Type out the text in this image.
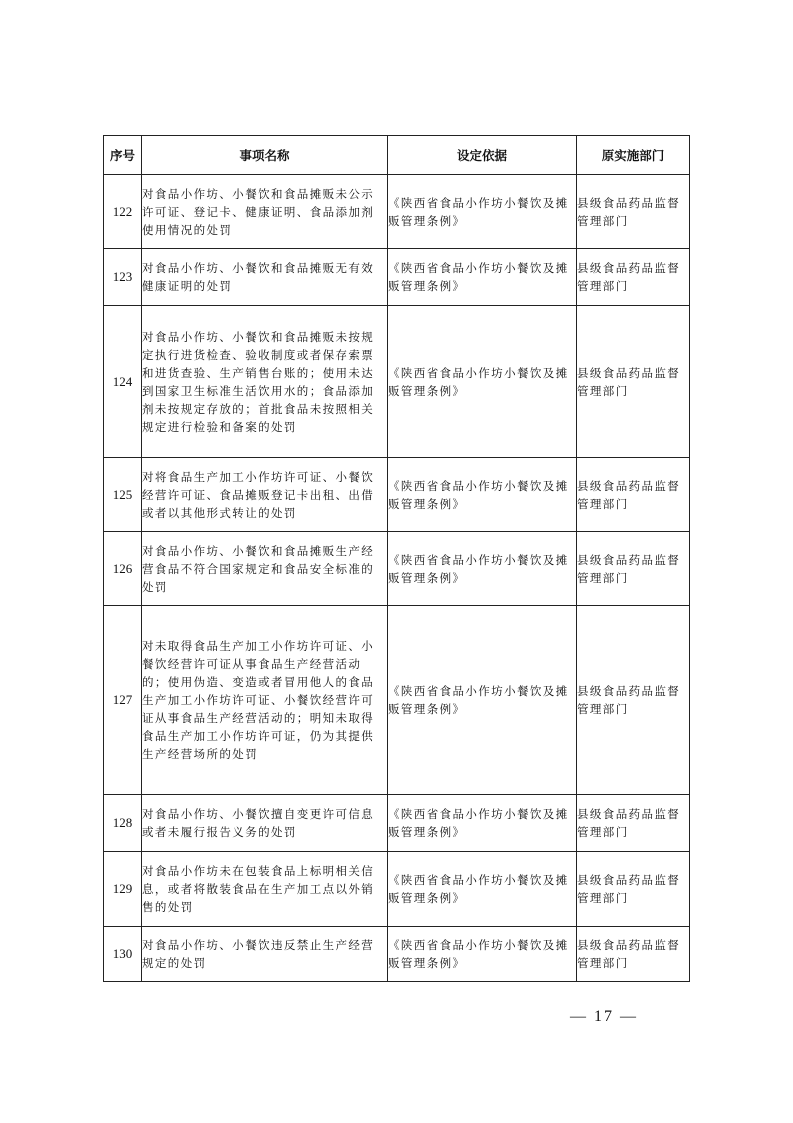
序号	事项名称	设定依据	原实施部门
122	对食品小作坊、小餐饮和食品摊贩未公示许可证、登记卡、健康证明、食品添加剂使用情况的处罚	《陕西省食品小作坊小餐饮及摊贩管理条例》	县级食品药品监督管理部门
123	对食品小作坊、小餐饮和食品摊贩无有效健康证明的处罚	《陕西省食品小作坊小餐饮及摊贩管理条例》	县级食品药品监督管理部门
124	对食品小作坊、小餐饮和食品摊贩未按规定执行进货检查、验收制度或者保存索票和进货查验、生产销售台账的；使用未达到国家卫生标准生活饮用水的；食品添加剂未按规定存放的；首批食品未按照相关规定进行检验和备案的处罚	《陕西省食品小作坊小餐饮及摊贩管理条例》	县级食品药品监督管理部门
125	对将食品生产加工小作坊许可证、小餐饮经营许可证、食品摊贩登记卡出租、出借或者以其他形式转让的处罚	《陕西省食品小作坊小餐饮及摊贩管理条例》	县级食品药品监督管理部门
126	对食品小作坊、小餐饮和食品摊贩生产经营食品不符合国家规定和食品安全标准的处罚	《陕西省食品小作坊小餐饮及摊贩管理条例》	县级食品药品监督管理部门
127	对未取得食品生产加工小作坊许可证、小餐饮经营许可证从事食品生产经营活动的；使用伪造、变造或者冒用他人的食品生产加工小作坊许可证、小餐饮经营许可证从事食品生产经营活动的；明知未取得食品生产加工小作坊许可证，仍为其提供生产经营场所的处罚	《陕西省食品小作坊小餐饮及摊贩管理条例》	县级食品药品监督管理部门
128	对食品小作坊、小餐饮擅自变更许可信息或者未履行报告义务的处罚	《陕西省食品小作坊小餐饮及摊贩管理条例》	县级食品药品监督管理部门
129	对食品小作坊未在包装食品上标明相关信息，或者将散装食品在生产加工点以外销售的处罚	《陕西省食品小作坊小餐饮及摊贩管理条例》	县级食品药品监督管理部门
130	对食品小作坊、小餐饮违反禁止生产经营规定的处罚	《陕西省食品小作坊小餐饮及摊贩管理条例》	县级食品药品监督管理部门
— 17 —
